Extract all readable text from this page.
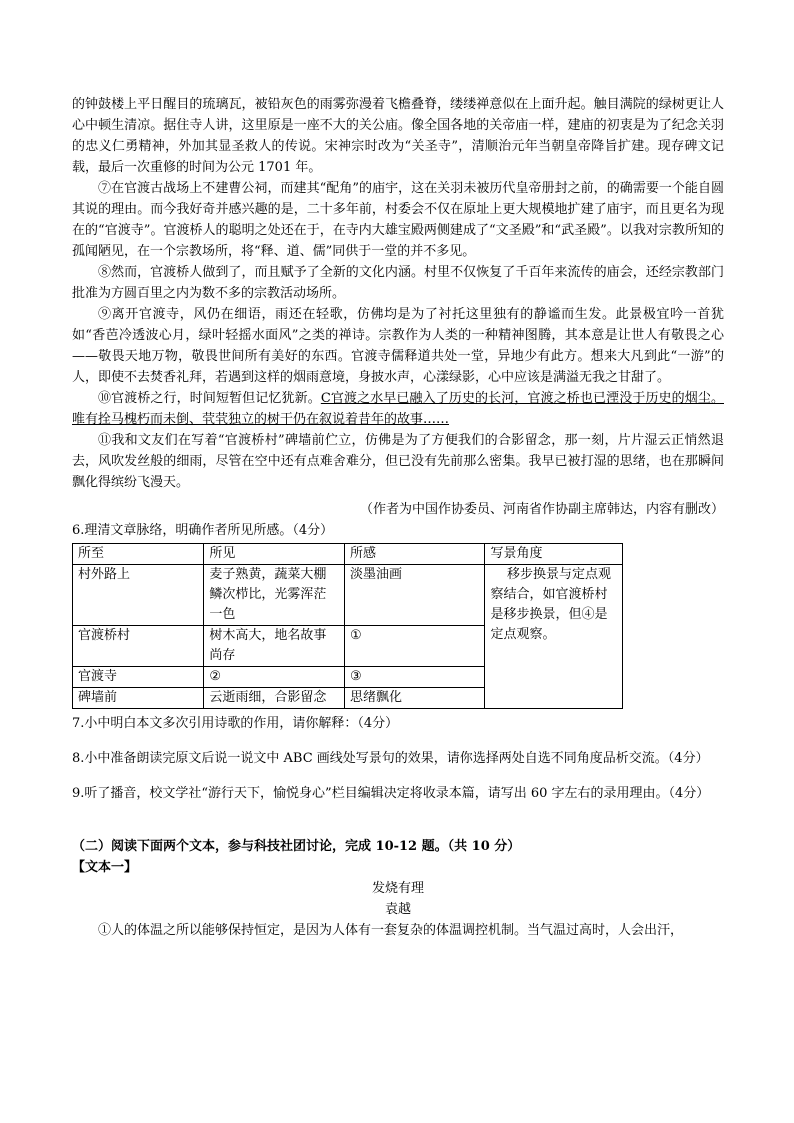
的钟鼓楼上平日醒目的琉璃瓦，被铅灰色的雨雾弥漫着飞檐叠脊，缕缕禅意似在上面升起。触目满院的绿树更让人心中顿生清凉。据住寺人讲，这里原是一座不大的关公庙。像全国各地的关帝庙一样，建庙的初衷是为了纪念关羽的忠义仁勇精神，外加其显圣救人的传说。宋神宗时改为“关圣寺”，清顺治元年当朝皇帝降旨扩建。现存碑文记载，最后一次重修的时间为公元 1701 年。

⑦在官渡古战场上不建曹公祠，而建其“配角”的庙宇，这在关羽未被历代皇帝册封之前，的确需要一个能自圆其说的理由。而今我好奇并感兴趣的是，二十多年前，村委会不仅在原址上更大规模地扩建了庙宇，而且更名为现在的“官渡寺”。官渡桥人的聪明之处还在于，在寺内大雄宝殿两侧建成了“文圣殿”和“武圣殿”。以我对宗教所知的孤闻陋见，在一个宗教场所，将“释、道、儒”同供于一堂的并不多见。

⑧然而，官渡桥人做到了，而且赋予了全新的文化内涵。村里不仅恢复了千百年来流传的庙会，还经宗教部门批准为方圆百里之内为数不多的宗教活动场所。

⑨离开官渡寺，风仍在细语，雨还在轻歌，仿佛均是为了衬托这里独有的静谧而生发。此景极宜吟一首犹如“香芭冷透波心月，绿叶轻摇水面风”之类的禅诗。宗教作为人类的一种精神图腾，其本意是让世人有敬畏之心——敬畏天地万物，敬畏世间所有美好的东西。官渡寺儒释道共处一堂，异地少有此方。想来大凡到此“一游”的人，即使不去焚香礼拜，若遇到这样的烟雨意境，身披水声，心漾绿影，心中应该是满溢无我之甘甜了。

⑩官渡桥之行，时间短暂但记忆犹新。C官渡之水早已融入了历史的长河，官渡之桥也已湮没于历史的烟尘。唯有拴马槐朽而未倒、茕茕独立的树干仍在叙说着昔年的故事……

⑪我和文友们在写着“官渡桥村”碑墙前伫立，仿佛是为了方便我们的合影留念，那一刻，片片湿云正悄然退去，风吹发丝般的细雨，尽管在空中还有点难舍难分，但已没有先前那么密集。我早已被打湿的思绪，也在那瞬间飘化得缤纷飞漫天。

（作者为中国作协委员、河南省作协副主席韩达，内容有删改）

6.理清文章脉络，明确作者所见所感。（4分）

所至	所见	所感	写景角度
村外路上	麦子熟黄，蔬菜大棚鳞次栉比，光雾浑茫一色	淡墨油画	移步换景与定点观察结合，如官渡桥村是移步换景，但④是定点观察。
官渡桥村	树木高大，地名故事尚存	①	
官渡寺	②	③	
碑墙前	云逝雨细，合影留念	思绪飘化	

7.小中明白本文多次引用诗歌的作用，请你解释：（4分）

8.小中准备朗读完原文后说一说文中 ABC 画线处写景句的效果，请你选择两处自选不同角度品析交流。（4分）

9.听了播音，校文学社“游行天下，愉悦身心”栏目编辑决定将收录本篇，请写出 60 字左右的录用理由。（4分）

（二）阅读下面两个文本，参与科技社团讨论，完成 10-12 题。（共 10 分）

【文本一】

发烧有理

袁越

①人的体温之所以能够保持恒定，是因为人体有一套复杂的体温调控机制。当气温过高时，人会出汗，
